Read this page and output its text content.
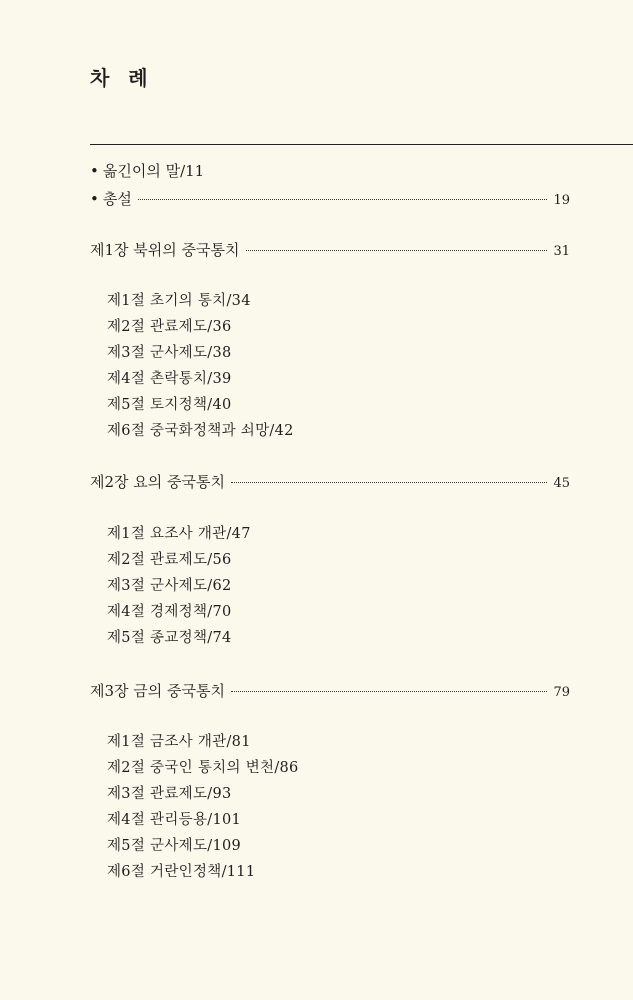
차 례
• 옮긴이의 말/11
• 총설	19
제1장 북위의 중국통치	31
제1절 초기의 통치/34
제2절 관료제도/36
제3절 군사제도/38
제4절 촌락통치/39
제5절 토지정책/40
제6절 중국화정책과 쇠망/42
제2장 요의 중국통치	45
제1절 요조사 개관/47
제2절 관료제도/56
제3절 군사제도/62
제4절 경제정책/70
제5절 종교정책/74
제3장 금의 중국통치	79
제1절 금조사 개관/81
제2절 중국인 통치의 변천/86
제3절 관료제도/93
제4절 관리등용/101
제5절 군사제도/109
제6절 거란인정책/111
